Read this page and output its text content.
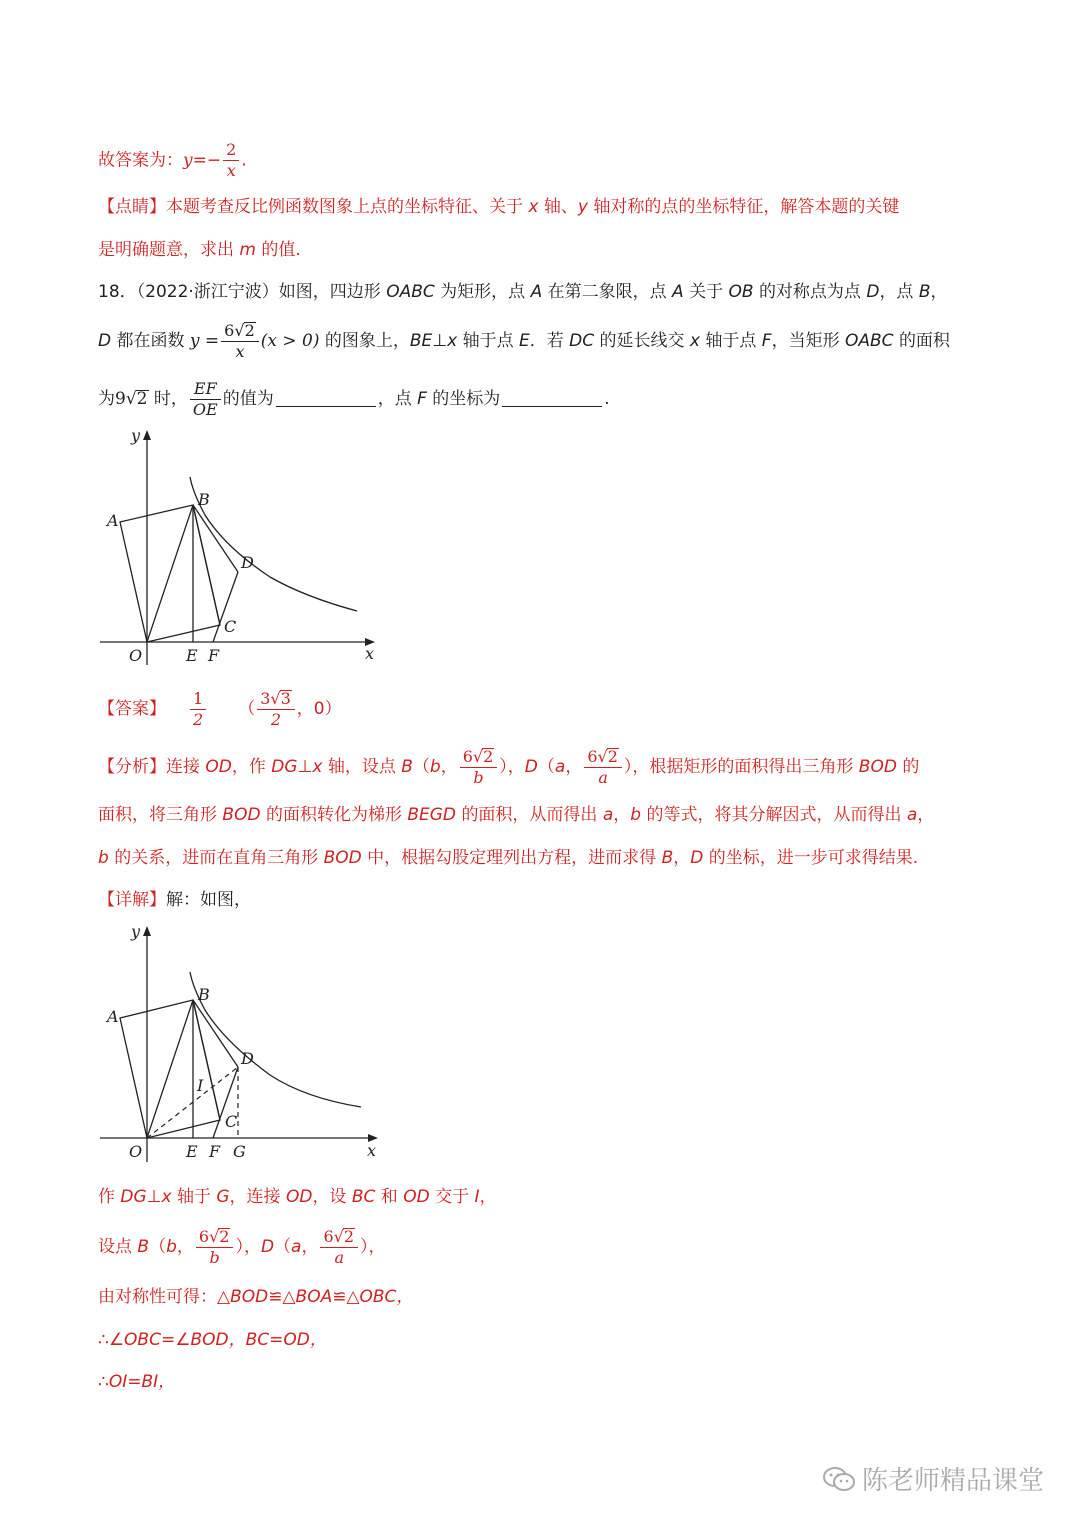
故答案为：$y=- \frac{2}{x}$ .
【点睛】本题考查反比例函数图象上点的坐标特征、关于 x 轴、y 轴对称的点的坐标特征，解答本题的关键
是明确题意，求出 m 的值.
18．（2022·浙江宁波）如图，四边形 OABC 为矩形，点 A 在第二象限，点 A 关于 OB 的对称点为点 D，点 B，
D 都在函数 $y = \frac{6√2}{x} (x > 0)$ 的图象上，BE⊥x 轴于点 E．若 DC 的延长线交 x 轴于点 F，当矩形 OABC 的面积
为9√2 时， $\frac{EF}{OE}$ 的值为	，点 F 的坐标为	.
y
x
A
B
D
C
O	E F
【答案】 $\frac{1}{2}$ （ $\frac{3√3}{2}$ ，0）
【分析】连接 OD，作 DG⊥x 轴，设点 B（b， $\frac{6√2}{b}$ ），D（a， $\frac{6√2}{a}$ ），根据矩形的面积得出三角形 BOD 的
面积，将三角形 BOD 的面积转化为梯形 BEGD 的面积，从而得出 a，b 的等式，将其分解因式，从而得出 a，
b 的关系，进而在直角三角形 BOD 中，根据勾股定理列出方程，进而求得 B，D 的坐标，进一步可求得结果.
【详解】解：如图，
y
x
A
B
D
C
I
O	E F G
作 DG⊥x 轴于 G，连接 OD，设 BC 和 OD 交于 I，
设点 B（b， $\frac{6√2}{b}$ ），D（a， $\frac{6√2}{a}$ ），
由对称性可得：△BOD≌△BOA≌△OBC，
∴∠OBC=∠BOD，BC=OD，
∴OI=BI，
陈老师精品课堂
